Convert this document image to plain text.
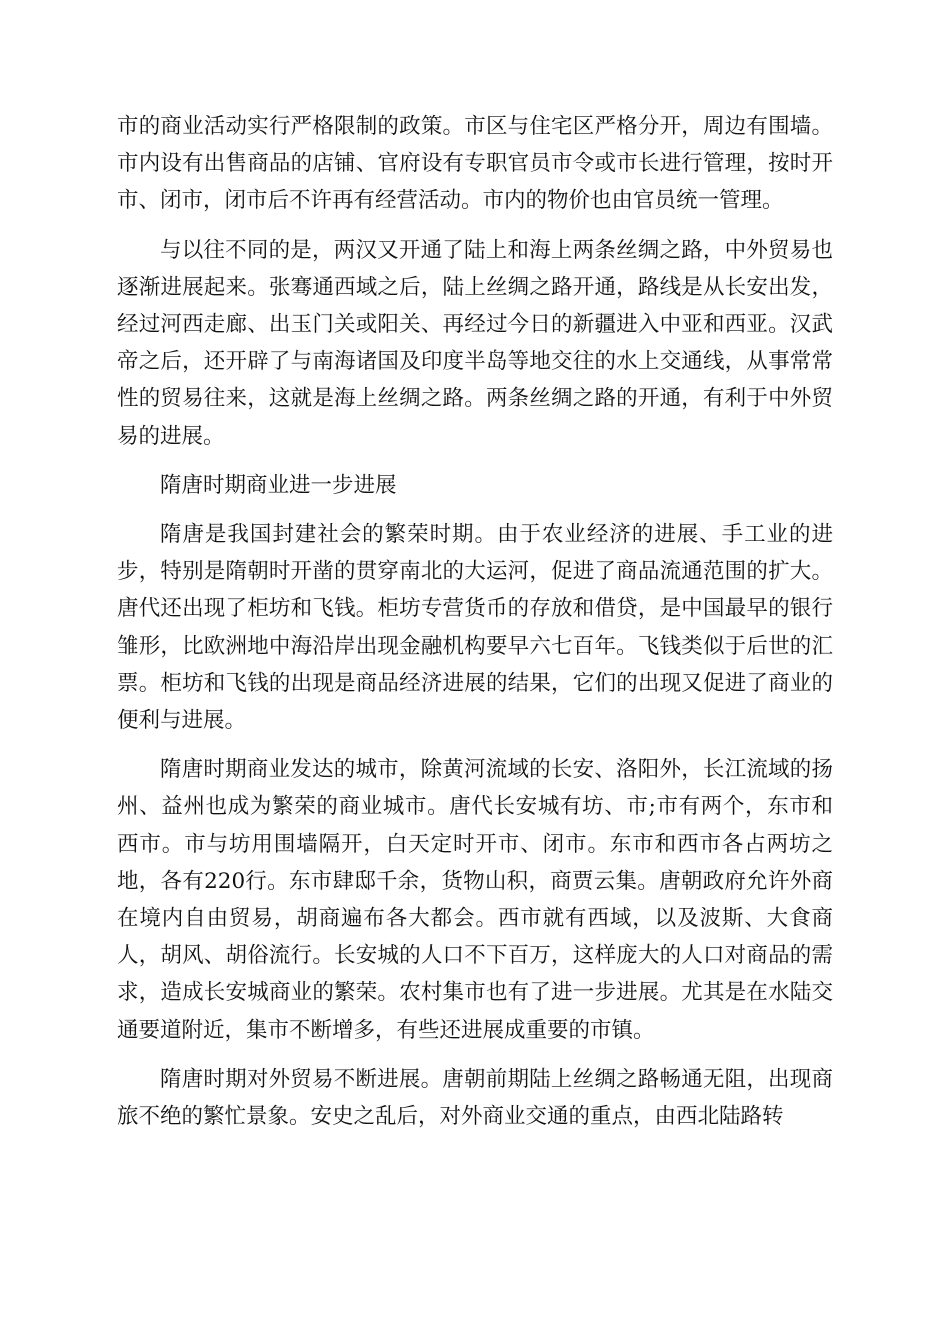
市的商业活动实行严格限制的政策。市区与住宅区严格分开，周边有围墙。市内设有出售商品的店铺、官府设有专职官员市令或市长进行管理，按时开市、闭市，闭市后不许再有经营活动。市内的物价也由官员统一管理。

与以往不同的是，两汉又开通了陆上和海上两条丝绸之路，中外贸易也逐渐进展起来。张骞通西域之后，陆上丝绸之路开通，路线是从长安出发，经过河西走廊、出玉门关或阳关、再经过今日的新疆进入中亚和西亚。汉武帝之后，还开辟了与南海诸国及印度半岛等地交往的水上交通线，从事常常性的贸易往来，这就是海上丝绸之路。两条丝绸之路的开通，有利于中外贸易的进展。

隋唐时期商业进一步进展

隋唐是我国封建社会的繁荣时期。由于农业经济的进展、手工业的进步，特别是隋朝时开凿的贯穿南北的大运河，促进了商品流通范围的扩大。唐代还出现了柜坊和飞钱。柜坊专营货币的存放和借贷，是中国最早的银行雏形，比欧洲地中海沿岸出现金融机构要早六七百年。飞钱类似于后世的汇票。柜坊和飞钱的出现是商品经济进展的结果，它们的出现又促进了商业的便利与进展。

隋唐时期商业发达的城市，除黄河流域的长安、洛阳外，长江流域的扬州、益州也成为繁荣的商业城市。唐代长安城有坊、市;市有两个，东市和西市。市与坊用围墙隔开，白天定时开市、闭市。东市和西市各占两坊之地，各有220行。东市肆邸千余，货物山积，商贾云集。唐朝政府允许外商在境内自由贸易，胡商遍布各大都会。西市就有西域，以及波斯、大食商人，胡风、胡俗流行。长安城的人口不下百万，这样庞大的人口对商品的需求，造成长安城商业的繁荣。农村集市也有了进一步进展。尤其是在水陆交通要道附近，集市不断增多，有些还进展成重要的市镇。

隋唐时期对外贸易不断进展。唐朝前期陆上丝绸之路畅通无阻，出现商旅不绝的繁忙景象。安史之乱后，对外商业交通的重点，由西北陆路转
